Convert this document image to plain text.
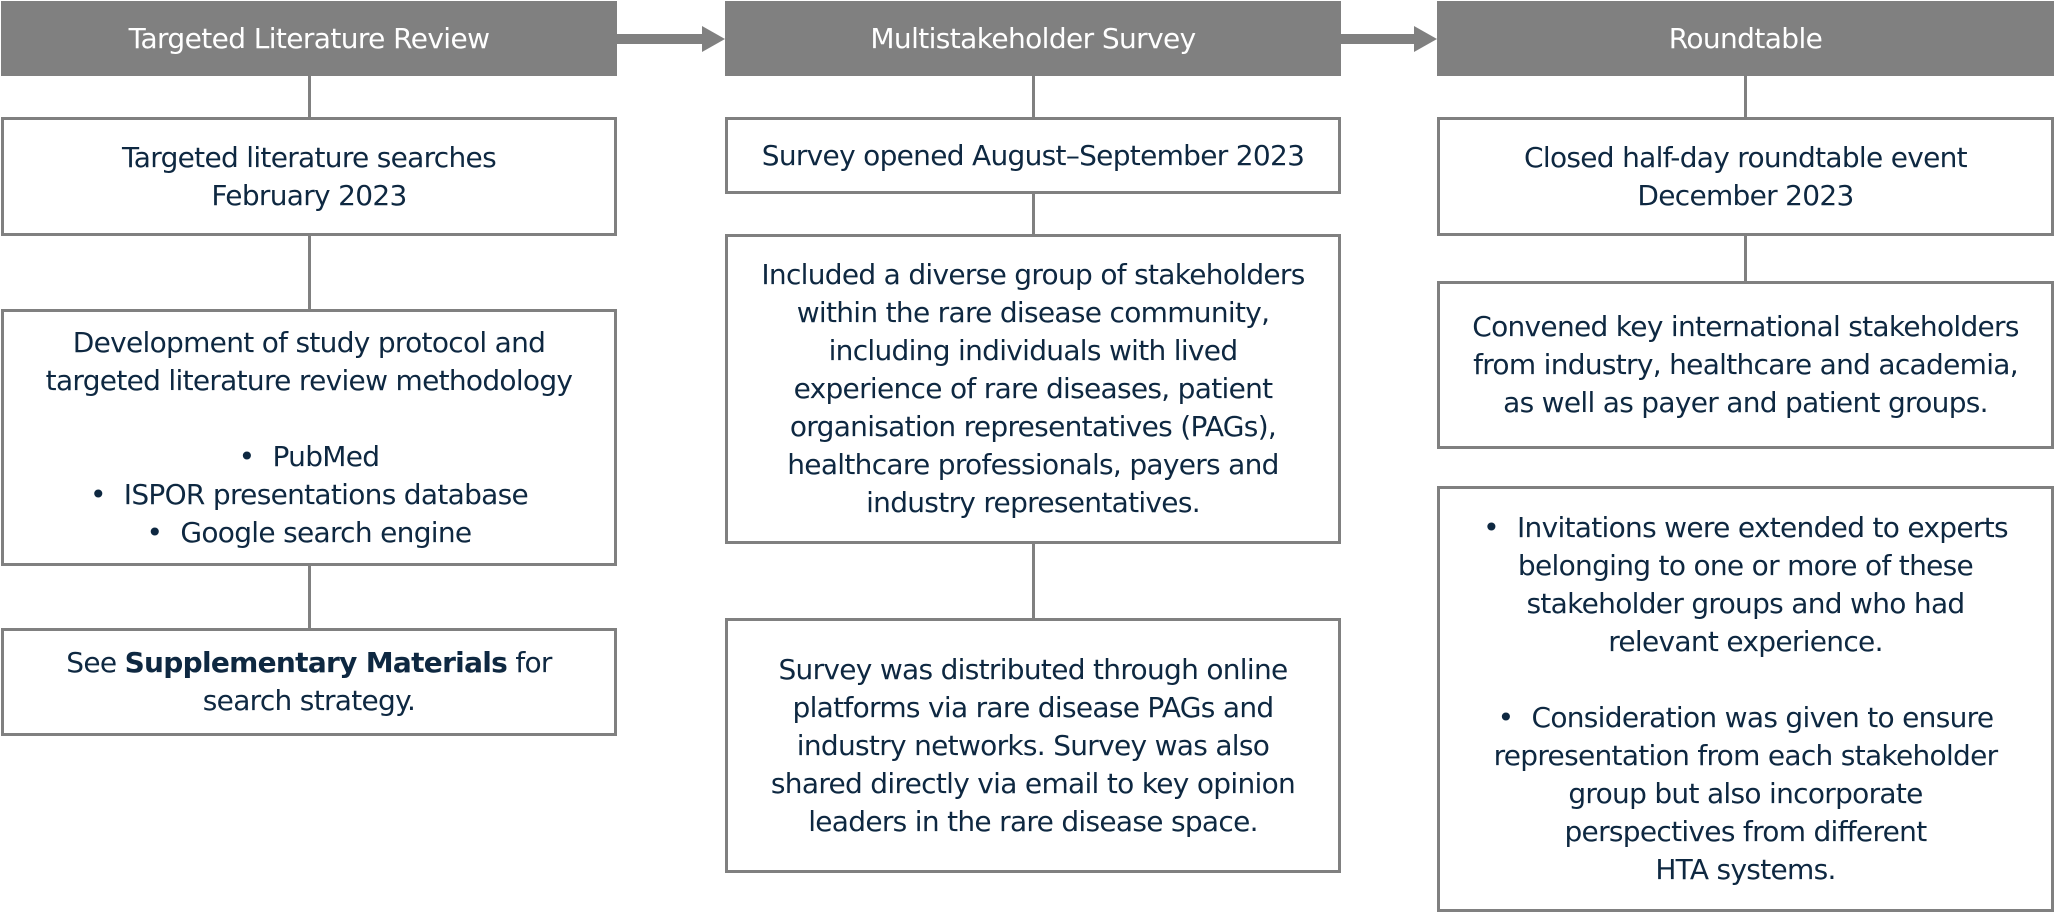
Targeted Literature Review	Multistakeholder Survey	Roundtable
Targeted literature searches
February 2023
Development of study protocol and
targeted literature review methodology
• PubMed
• ISPOR presentations database
• Google search engine
See Supplementary Materials for
search strategy.
Survey opened August–September 2023
Included a diverse group of stakeholders
within the rare disease community,
including individuals with lived
experience of rare diseases, patient
organisation representatives (PAGs),
healthcare professionals, payers and
industry representatives.
Survey was distributed through online
platforms via rare disease PAGs and
industry networks. Survey was also
shared directly via email to key opinion
leaders in the rare disease space.
Closed half-day roundtable event
December 2023
Convened key international stakeholders
from industry, healthcare and academia,
as well as payer and patient groups.
• Invitations were extended to experts
belonging to one or more of these
stakeholder groups and who had
relevant experience.
• Consideration was given to ensure
representation from each stakeholder
group but also incorporate
perspectives from different
HTA systems.
